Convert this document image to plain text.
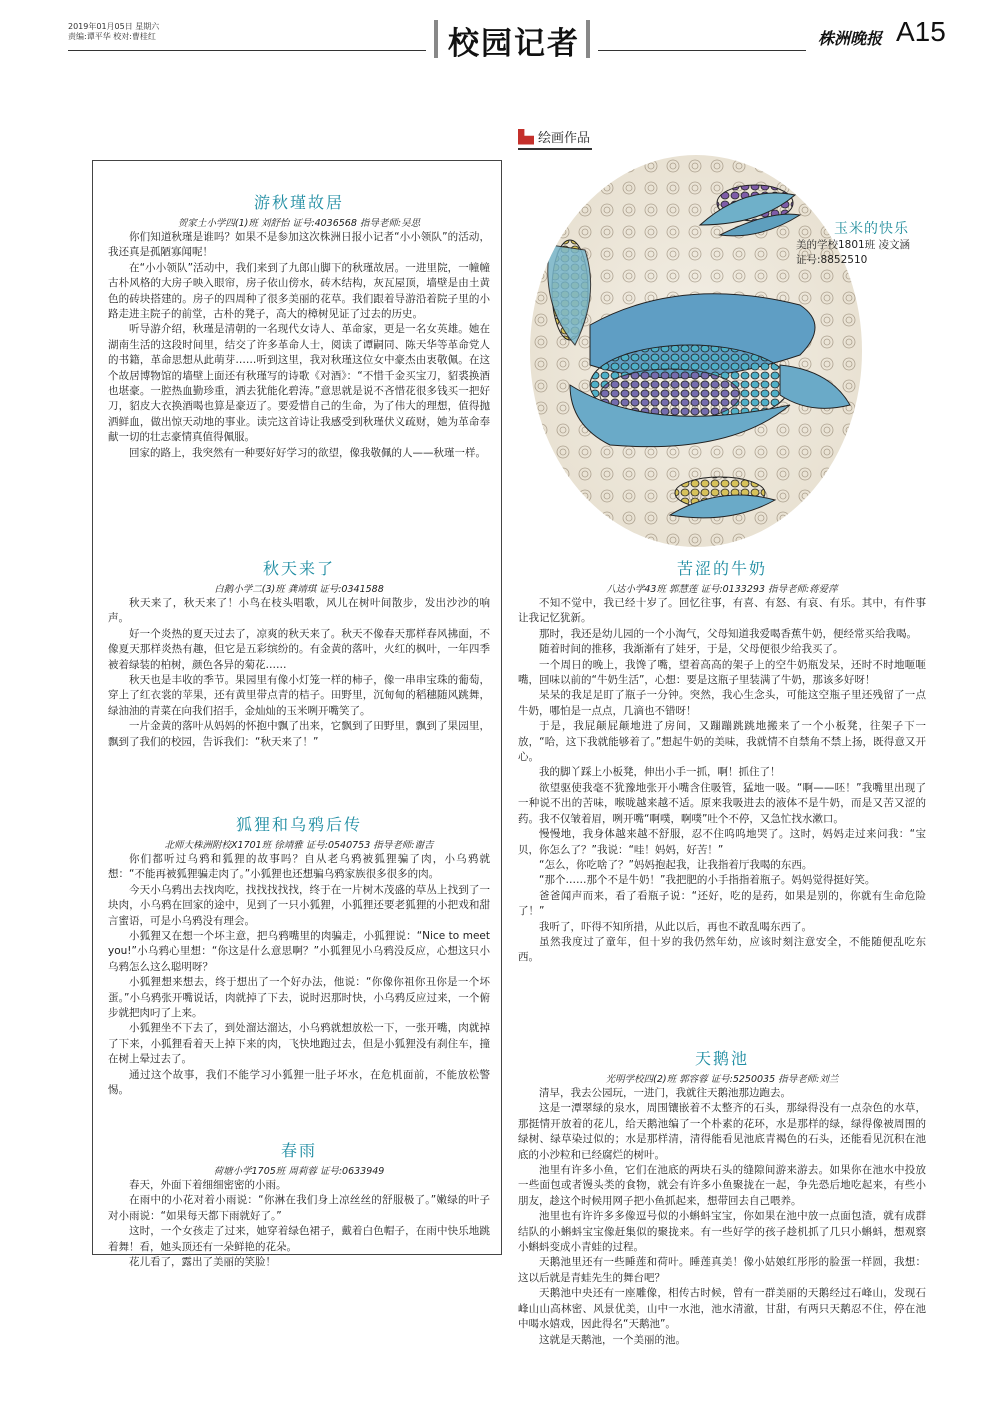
2019年01月05日 星期六
责编:谭平华 校对:曹桂红	校园记者	株洲晚报 A15
游秋瑾故居
贺家土小学四(1)班 刘舒怡 证号:4036568 指导老师:吴思

你们知道秋瑾是谁吗？如果不是参加这次株洲日报小记者“小小领队”的活动，我还真是孤陋寡闻呢！

在“小小领队”活动中，我们来到了九郎山脚下的秋瑾故居。一进里院，一幢幢古朴风格的大房子映入眼帘，房子依山傍水，砖木结构，灰瓦屋顶，墙壁是由土黄色的砖块搭建的。房子的四周种了很多美丽的花草。我们跟着导游沿着院子里的小路走进主院子的前堂，古朴的凳子，高大的樟树见证了过去的历史。

听导游介绍，秋瑾是清朝的一名现代女诗人、革命家，更是一名女英雄。她在湖南生活的这段时间里，结交了许多革命人士，阅读了谭嗣同、陈天华等革命党人的书籍，革命思想从此萌芽……听到这里，我对秋瑾这位女中豪杰由衷敬佩。在这个故居博物馆的墙壁上面还有秋瑾写的诗歌《对酒》：“不惜千金买宝刀，貂裘换酒也堪豪。一腔热血勤珍重，洒去犹能化碧涛。”意思就是说不吝惜花很多钱买一把好刀，貂皮大衣换酒喝也算是豪迈了。要爱惜自己的生命，为了伟大的理想，值得抛洒鲜血，做出惊天动地的事业。读完这首诗让我感受到秋瑾伏义疏财，她为革命奉献一切的壮志豪情真值得佩服。

回家的路上，我突然有一种要好好学习的欲望，像我敬佩的人——秋瑾一样。

秋天来了
白鹅小学二(3)班 龚靖琪 证号:0341588

秋天来了，秋天来了！小鸟在枝头唱歌，风儿在树叶间散步，发出沙沙的响声。

好一个炎热的夏天过去了，凉爽的秋天来了。秋天不像春天那样春风拂面，不像夏天那样炎热有趣，但它是五彩缤纷的。有金黄的落叶，火红的枫叶，一年四季被着绿装的柏树，颜色各异的菊花……

秋天也是丰收的季节。果园里有像小灯笼一样的柿子，像一串串宝珠的葡萄，穿上了红衣裳的苹果，还有黄里带点青的桔子。田野里，沉甸甸的稻穗随风跳舞，绿油油的青菜在向我们招手，金灿灿的玉米咧开嘴笑了。

一片金黄的落叶从妈妈的怀抱中飘了出来，它飘到了田野里，飘到了果园里，飘到了我们的校园，告诉我们：“秋天来了！”

狐狸和乌鸦后传
北师大株洲附校X1701班 徐靖雅 证号:0540753 指导老师:谢吉

你们都听过乌鸦和狐狸的故事吗？自从老乌鸦被狐狸骗了肉，小乌鸦就想：“不能再被狐狸骗走肉了。”小狐狸也还想骗乌鸦家族很多很多的肉。

今天小乌鸦出去找肉吃，找找找找找，终于在一片树木茂盛的草丛上找到了一块肉，小乌鸦在回家的途中，见到了一只小狐狸，小狐狸还要老狐狸的小把戏和甜言蜜语，可是小乌鸦没有理会。

小狐狸又在想一个坏主意，把乌鸦嘴里的肉骗走，小狐狸说：“Nice to meet you!”小乌鸦心里想：“你这是什么意思啊？”小狐狸见小乌鸦没反应，心想这只小乌鸦怎么这么聪明呀？

小狐狸想来想去，终于想出了一个好办法，他说：“你像你祖你丑你是一个坏蛋。”小乌鸦张开嘴说话，肉就掉了下去，说时迟那时快，小乌鸦反应过来，一个俯步就把肉叼了上来。

小狐狸坐不下去了，到处溜达溜达，小乌鸦就想放松一下，一张开嘴，肉就掉了下来，小狐狸看着天上掉下来的肉，飞快地跑过去，但是小狐狸没有刹住车，撞在树上晕过去了。

通过这个故事，我们不能学习小狐狸一肚子坏水，在危机面前，不能放松警惕。

春雨
荷塘小学1705班 周莉蓉 证号:0633949

春天，外面下着细细密密的小雨。

在雨中的小花对着小雨说：“你淋在我们身上凉丝丝的舒服极了。”嫩绿的叶子对小雨说：“如果每天都下雨就好了。”

这时，一个女孩走了过来，她穿着绿色裙子，戴着白色帽子，在雨中快乐地跳着舞！看，她头顶还有一朵鲜艳的花朵。

花儿看了，露出了美丽的笑脸！

绘画作品
玉米的快乐
美的学校1801班 凌文涵
证号:8852510
苦涩的牛奶
八达小学43班 郭慧莲 证号:0133293 指导老师:蒋爱萍

不知不觉中，我已经十岁了。回忆往事，有喜、有怒、有哀、有乐。其中，有件事让我记忆犹新。

那时，我还是幼儿园的一个小淘气，父母知道我爱喝香蕉牛奶，便经常买给我喝。

随着时间的推移，我渐渐有了娃牙，于是，父母便很少给我买了。

一个周日的晚上，我馋了嘴，望着高高的架子上的空牛奶瓶发呆，还时不时地咂咂嘴，回味以前的“牛奶生活”，心想：要是这瓶子里装满了牛奶，那该多好呀！

呆呆的我足足盯了瓶子一分钟。突然，我心生念头，可能这空瓶子里还残留了一点牛奶，哪怕是一点点，几滴也不错呀！

于是，我屁颠屁颠地进了房间，又蹦蹦跳跳地搬来了一个小板凳，往架子下一放，“哈，这下我就能够着了。”想起牛奶的美味，我就情不自禁角不禁上扬，既得意又开心。

我的脚丫踩上小板凳，伸出小手一抓，啊！抓住了！

欲望驱使我毫不犹豫地张开小嘴含住吸管，猛地一吸。“啊——呸！”我嘴里出现了一种说不出的苦味，喉咙越来越不适。原来我吸进去的液体不是牛奶，而是又苦又涩的药。我不仅皱着眉，咧开嘴“啊噗，啊噗”吐个不停，又急忙找水漱口。

慢慢地，我身体越来越不舒服，忍不住呜呜地哭了。这时，妈妈走过来问我：“宝贝，你怎么了？”我说：“哇！妈妈，好苦！”

“怎么，你吃啥了？”妈妈抱起我，让我指着厅我喝的东西。

“那个……那个不是牛奶！”我把肥的小手指指着瓶子。妈妈觉得挺好笑。

爸爸闻声而来，看了看瓶子说：“还好，吃的是药，如果是别的，你就有生命危险了！”

我听了，吓得不知所措，从此以后，再也不敢乱喝东西了。

虽然我度过了童年，但十岁的我仍然年幼，应该时刻注意安全，不能随便乱吃东西。

天鹅池
光明学校四(2)班 郭容蓉 证号:5250035 指导老师:刘兰

清早，我去公园玩，一进门，我就往天鹅池那边跑去。

这是一潭翠绿的泉水，周围镶嵌着不太整齐的石头，那绿得没有一点杂色的水草，那挺情开放着的花儿，给天鹅池编了一个朴素的花环，水是那样的绿，绿得像被周围的绿树、绿草染过似的；水是那样清，清得能看见池底青褐色的石头，还能看见沉积在池底的小沙粒和已经腐烂的树叶。

池里有许多小鱼，它们在池底的两块石头的缝隙间游来游去。如果你在池水中投放一些面包或者馒头类的食物，就会有许多小鱼聚拢在一起，争先恐后地吃起来，有些小朋友，趁这个时候用网子把小鱼抓起来，想带回去自己喂养。

池里也有许许多多像逗号似的小蝌蚪宝宝，你如果在池中放一点面包渣，就有成群结队的小蝌蚪宝宝像赶集似的聚拢来。有一些好学的孩子趁机抓了几只小蝌蚪，想观察小蝌蚪变成小青蛙的过程。

天鹅池里还有一些睡莲和荷叶。睡莲真美！像小姑娘红彤彤的脸蛋一样圆，我想：这以后就是青蛙先生的舞台吧？

天鹅池中央还有一座雕像，相传古时候，曾有一群美丽的天鹅经过石峰山，发现石峰山山高林密、风景优美，山中一水池，池水清澈，甘甜，有两只天鹅忍不住，停在池中喝水嬉戏，因此得名“天鹅池”。

这就是天鹅池，一个美丽的池。
